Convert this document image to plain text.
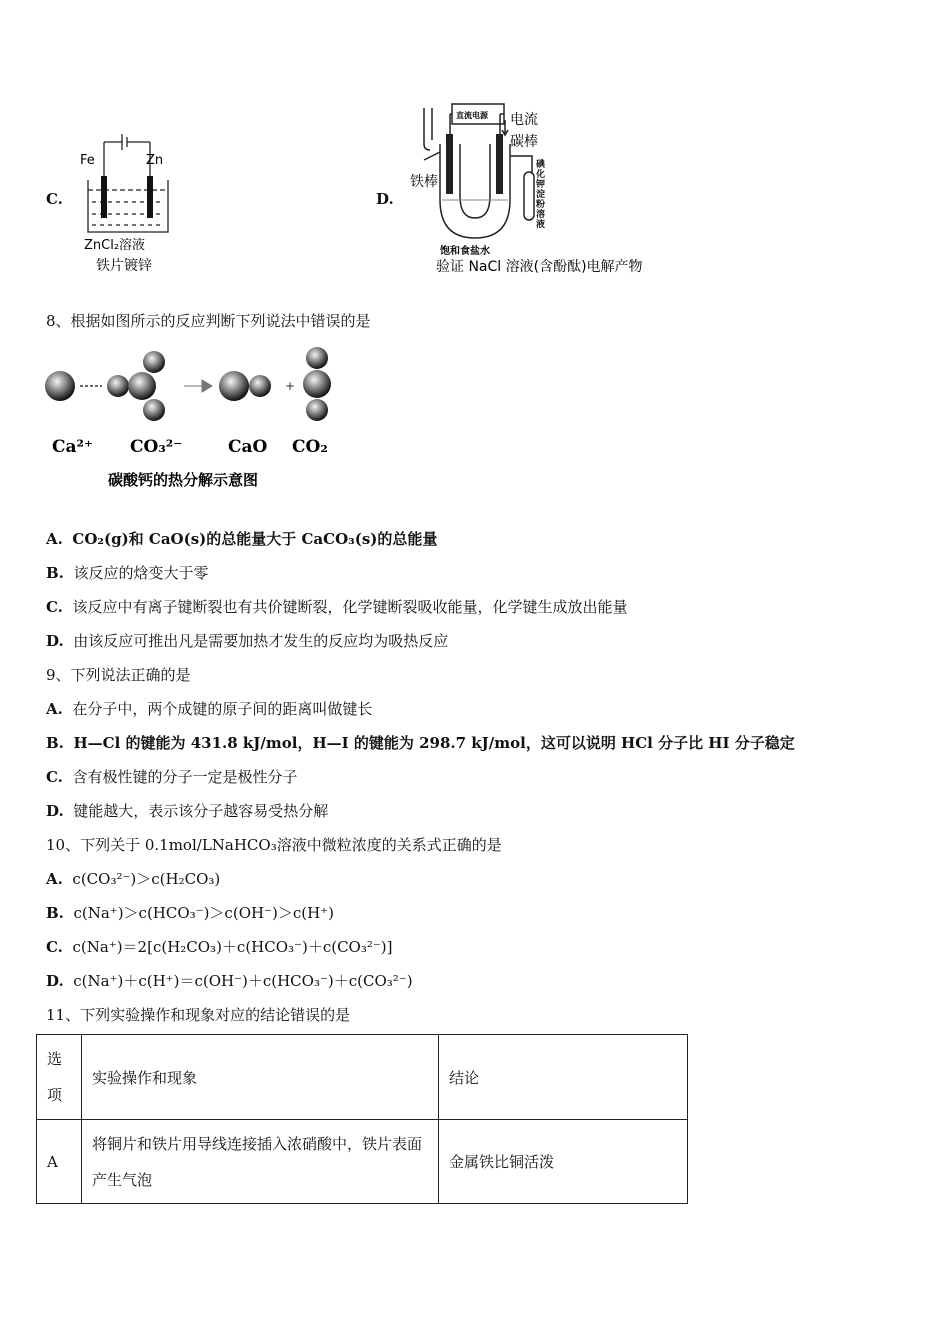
C.
Fe	Zn
ZnCl₂溶液
铁片镀锌
D.
直流电源 电流
碳棒
铁棒
饱和食盐水
验证 NaCl 溶液(含酚酞)电解产物
碘化钾淀粉溶液
8、根据如图所示的反应判断下列说法中错误的是
+
Ca²⁺ CO₃²⁻	CaO CO₂
碳酸钙的热分解示意图
A. CO₂(g)和 CaO(s)的总能量大于 CaCO₃(s)的总能量
B. 该反应的焓变大于零
C. 该反应中有离子键断裂也有共价键断裂，化学键断裂吸收能量，化学键生成放出能量
D. 由该反应可推出凡是需要加热才发生的反应均为吸热反应
9、下列说法正确的是
A. 在分子中，两个成键的原子间的距离叫做键长
B. H—Cl 的键能为 431.8 kJ/mol，H—I 的键能为 298.7 kJ/mol，这可以说明 HCl 分子比 HI 分子稳定
C. 含有极性键的分子一定是极性分子
D. 键能越大，表示该分子越容易受热分解
10、下列关于 0.1mol/LNaHCO₃溶液中微粒浓度的关系式正确的是
A. c(CO₃²⁻)＞c(H₂CO₃)
B. c(Na⁺)＞c(HCO₃⁻)＞c(OH⁻)＞c(H⁺)
C. c(Na⁺)＝2[c(H₂CO₃)＋c(HCO₃⁻)＋c(CO₃²⁻)]
D. c(Na⁺)＋c(H⁺)＝c(OH⁻)＋c(HCO₃⁻)＋c(CO₃²⁻)
11、下列实验操作和现象对应的结论错误的是
选项	实验操作和现象	结论
A	将铜片和铁片用导线连接插入浓硝酸中，铁片表面产生气泡	金属铁比铜活泼
